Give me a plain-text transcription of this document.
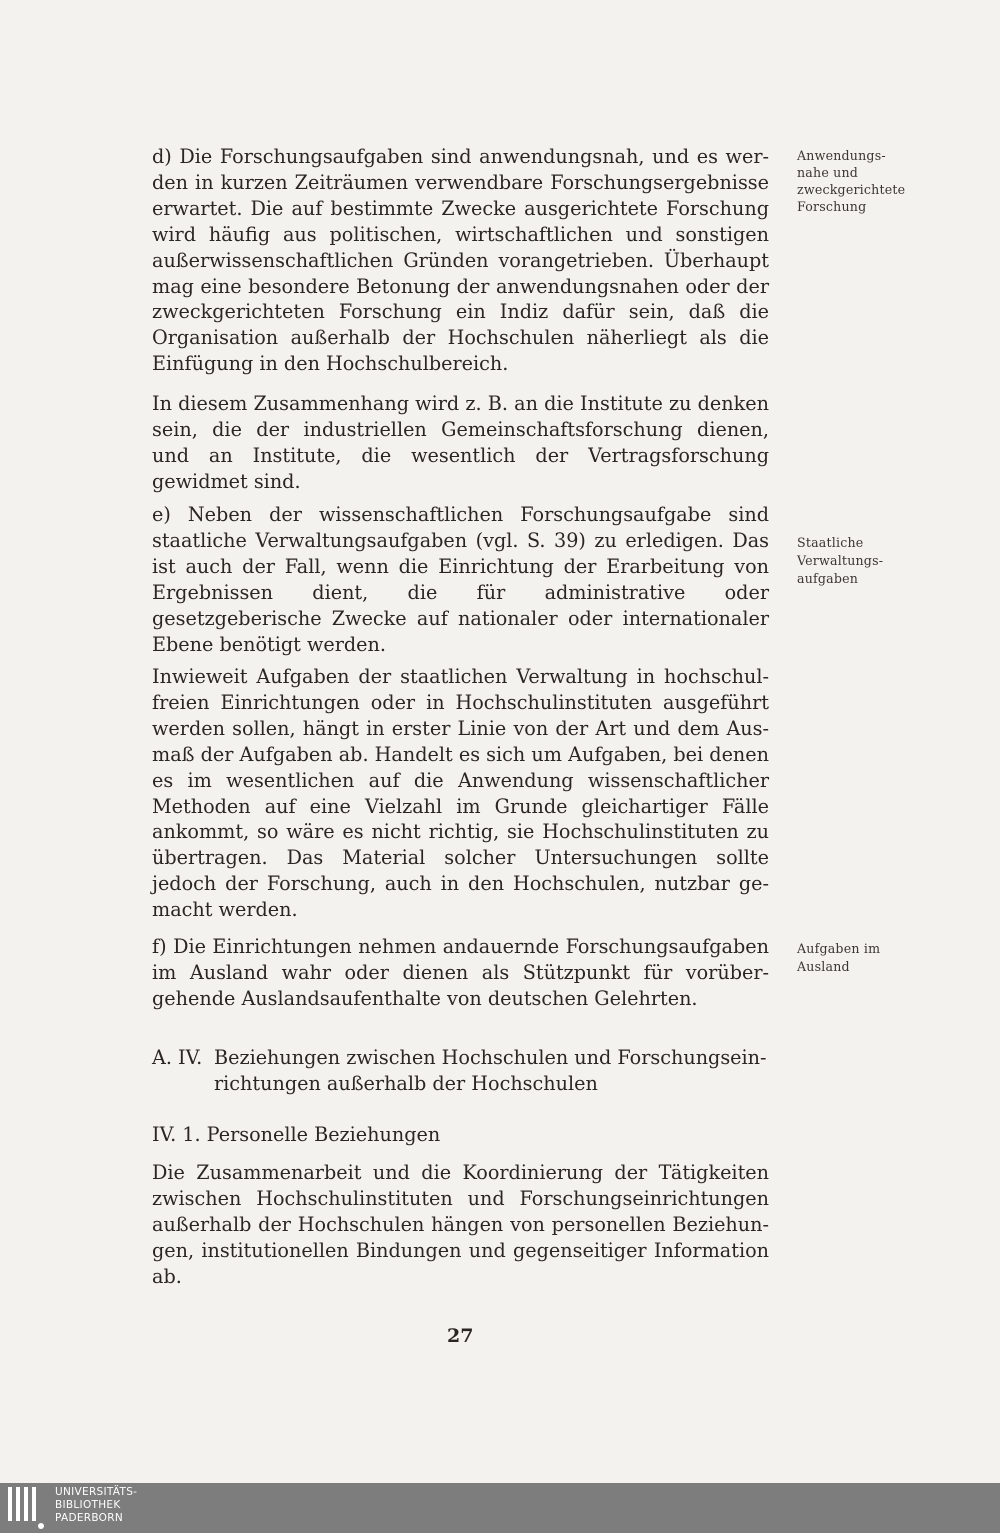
d) Die Forschungsaufgaben sind anwendungsnah, und es werden in kurzen Zeiträumen verwendbare Forschungsergebnisse erwartet. Die auf bestimmte Zwecke ausgerichtete Forschung wird häufig aus politischen, wirtschaftlichen und sonstigen außerwissenschaftlichen Gründen vorangetrieben. Überhaupt mag eine besondere Betonung der anwendungsnahen oder der zweckgerichteten Forschung ein Indiz dafür sein, daß die Organisation außerhalb der Hochschulen näherliegt als die Einfügung in den Hochschulbereich.

In diesem Zusammenhang wird z. B. an die Institute zu denken sein, die der industriellen Gemeinschaftsforschung dienen, und an Institute, die wesentlich der Vertragsforschung gewidmet sind.

e) Neben der wissenschaftlichen Forschungsaufgabe sind staatliche Verwaltungsaufgaben (vgl. S. 39) zu erledigen. Das ist auch der Fall, wenn die Einrichtung der Erarbeitung von Ergebnissen dient, die für administrative oder gesetzgeberische Zwecke auf nationaler oder internationaler Ebene benötigt werden.

Inwieweit Aufgaben der staatlichen Verwaltung in hochschulfreien Einrichtungen oder in Hochschulinstituten ausgeführt werden sollen, hängt in erster Linie von der Art und dem Ausmaß der Aufgaben ab. Handelt es sich um Aufgaben, bei denen es im wesentlichen auf die Anwendung wissenschaftlicher Methoden auf eine Vielzahl im Grunde gleichartiger Fälle ankommt, so wäre es nicht richtig, sie Hochschulinstituten zu übertragen. Das Material solcher Untersuchungen sollte jedoch der Forschung, auch in den Hochschulen, nutzbar gemacht werden.

f) Die Einrichtungen nehmen andauernde Forschungsaufgaben im Ausland wahr oder dienen als Stützpunkt für vorübergehende Auslandsaufenthalte von deutschen Gelehrten.

Anwendungs-
nahe und
zweckgerichtete
Forschung
Staatliche
Verwaltungs-
aufgaben
Aufgaben im
Ausland
A. IV. Beziehungen zwischen Hochschulen und Forschungsein-
richtungen außerhalb der Hochschulen
IV. 1. Personelle Beziehungen

Die Zusammenarbeit und die Koordinierung der Tätigkeiten zwischen Hochschulinstituten und Forschungseinrichtungen außerhalb der Hochschulen hängen von personellen Beziehungen, institutionellen Bindungen und gegenseitiger Information ab.

27
UNIVERSITÄTS-
BIBLIOTHEK
PADERBORN
